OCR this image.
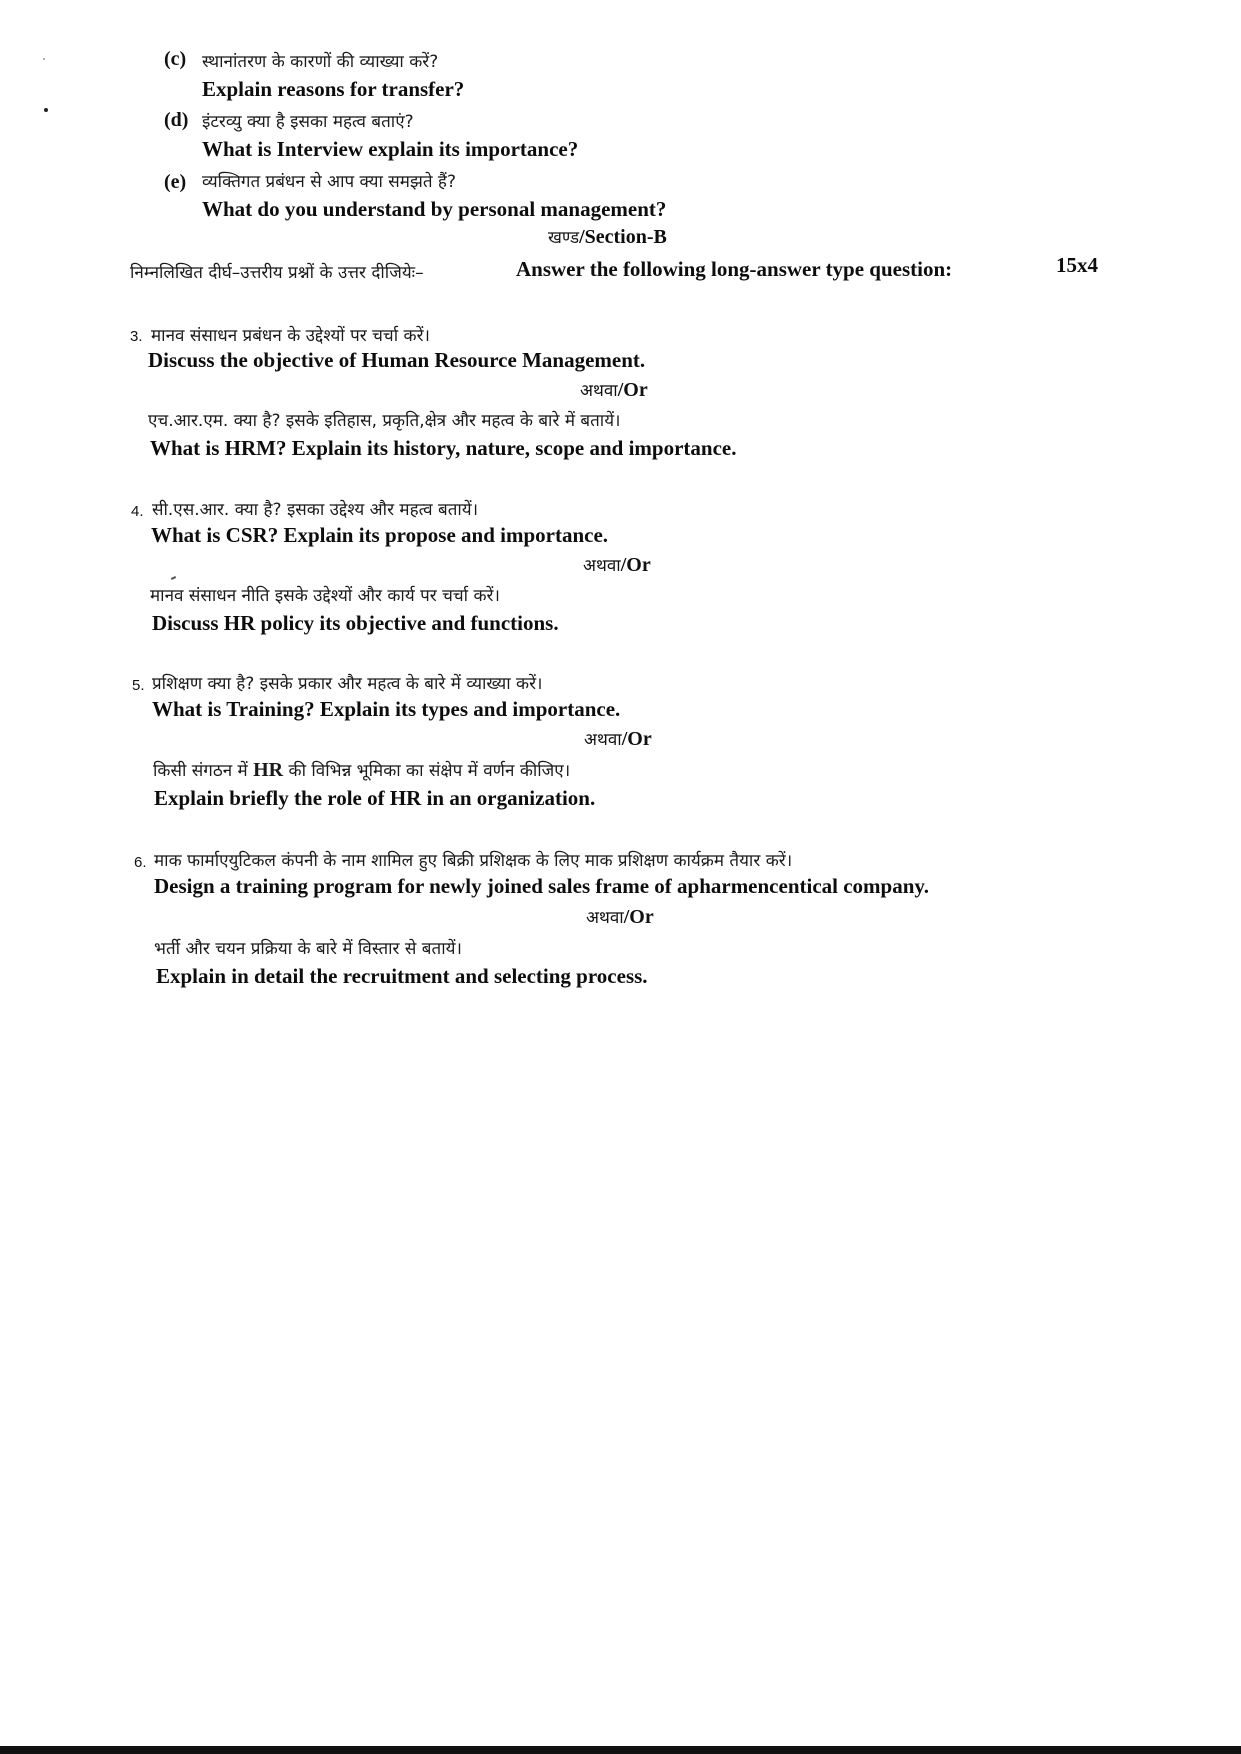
(c) स्थानांतरण के कारणों की व्याख्या करें?
Explain reasons for transfer?
(d) इंटरव्यु क्या है इसका महत्व बताएं?
What is Interview explain its importance?
(e) व्यक्तिगत प्रबंधन से आप क्या समझते हैं?
What do you understand by personal management?
खण्ड/Section-B
निम्नलिखित दीर्घ–उत्तरीय प्रश्नों के उत्तर दीजियेः–	Answer the following long-answer type question:	15x4
3. मानव संसाधन प्रबंधन के उद्देश्यों पर चर्चा करें।
Discuss the objective of Human Resource Management.
अथवा/Or
एच.आर.एम. क्या है? इसके इतिहास, प्रकृति,क्षेत्र और महत्व के बारे में बतायें।
What is HRM? Explain its history, nature, scope and importance.
4. सी.एस.आर. क्या है? इसका उद्देश्य और महत्व बतायें।
What is CSR? Explain its propose and importance.
अथवा/Or
मानव संसाधन नीति इसके उद्देश्यों और कार्य पर चर्चा करें।
Discuss HR policy its objective and functions.
5. प्रशिक्षण क्या है? इसके प्रकार और महत्व के बारे में व्याख्या करें।
What is Training? Explain its types and importance.
अथवा/Or
किसी संगठन में HR की विभिन्न भूमिका का संक्षेप में वर्णन कीजिए।
Explain briefly the role of HR in an organization.
6. माक फार्माएयुटिकल कंपनी के नाम शामिल हुए बिक्री प्रशिक्षक के लिए माक प्रशिक्षण कार्यक्रम तैयार करें।
Design a training program for newly joined sales frame of apharmencentical company.
अथवा/Or
भर्ती और चयन प्रक्रिया के बारे में विस्तार से बतायें।
Explain in detail the recruitment and selecting process.
